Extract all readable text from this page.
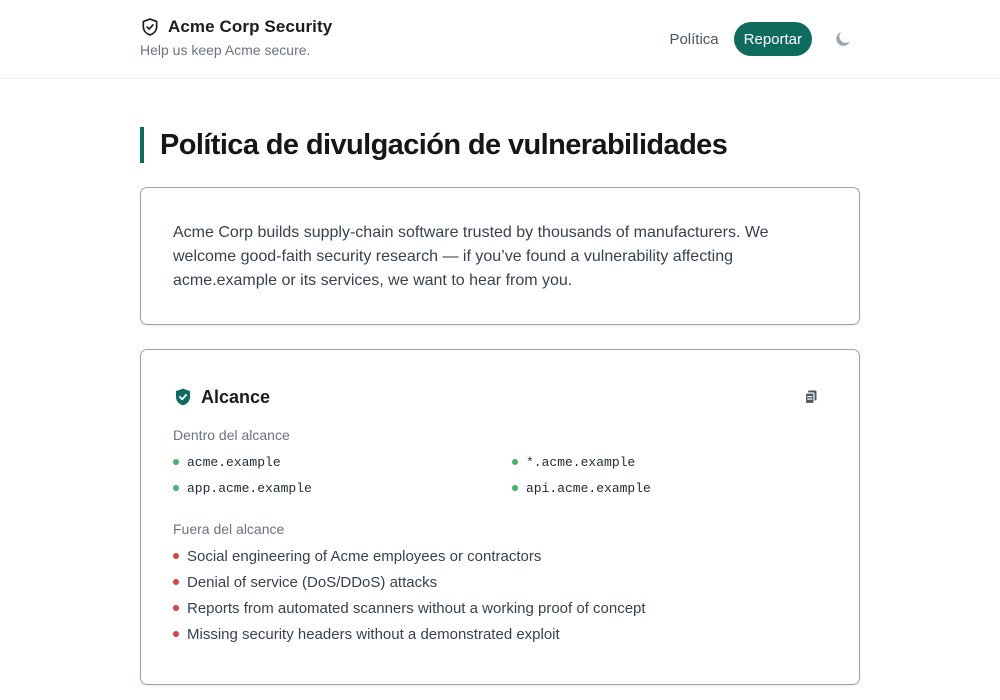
Acme Corp Security
Help us keep Acme secure.
Política	Reportar
Política de divulgación de vulnerabilidades

Acme Corp builds supply-chain software trusted by thousands of manufacturers. We welcome good-faith security research — if you’ve found a vulnerability affecting acme.example or its services, we want to hear from you.

Alcance
Dentro del alcance
acme.example	*.acme.example
app.acme.example	api.acme.example
Fuera del alcance
Social engineering of Acme employees or contractors
Denial of service (DoS/DDoS) attacks
Reports from automated scanners without a working proof of concept
Missing security headers without a demonstrated exploit
